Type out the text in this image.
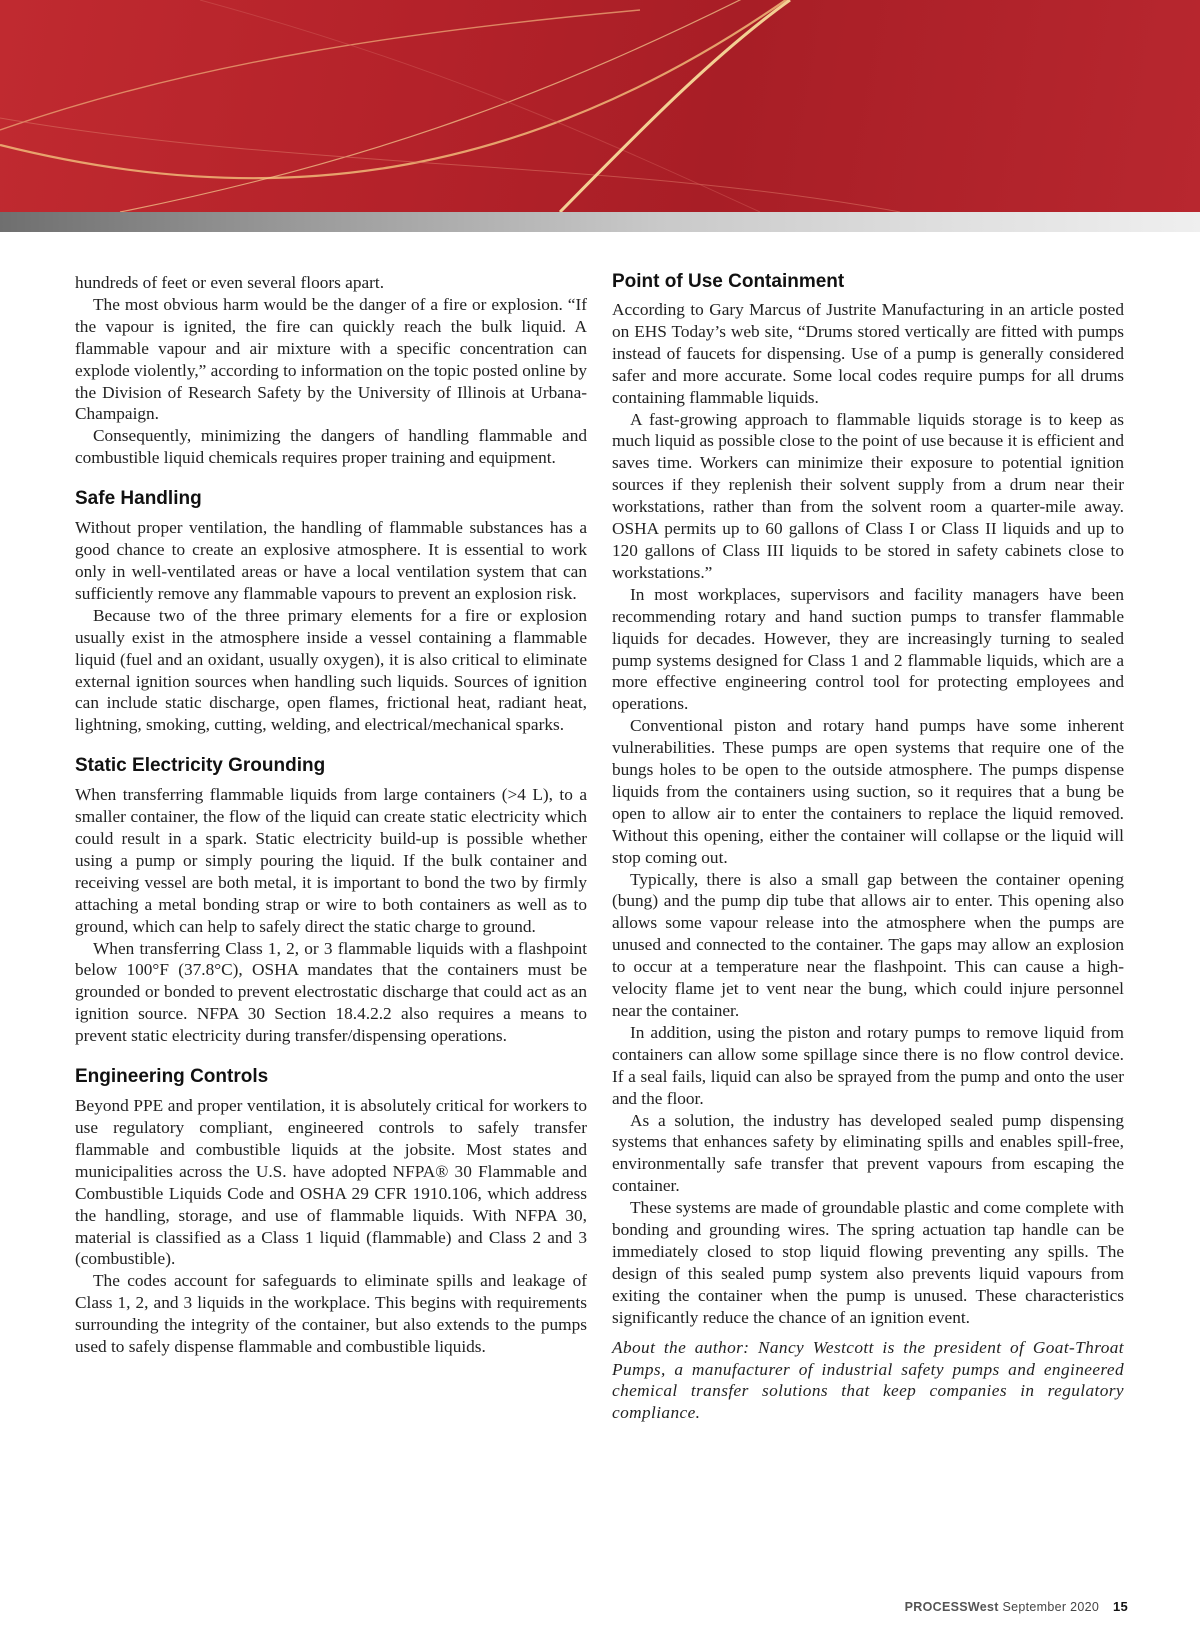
hundreds of feet or even several floors apart.

The most obvious harm would be the danger of a fire or explosion. “If the vapour is ignited, the fire can quickly reach the bulk liquid. A flammable vapour and air mixture with a specific concentration can explode violently,” according to information on the topic posted online by the Division of Research Safety by the University of Illinois at Urbana-Champaign.

Consequently, minimizing the dangers of handling flammable and combustible liquid chemicals requires proper training and equipment.

Safe Handling

Without proper ventilation, the handling of flammable substances has a good chance to create an explosive atmosphere. It is essential to work only in well-ventilated areas or have a local ventilation system that can sufficiently remove any flammable vapours to prevent an explosion risk.

Because two of the three primary elements for a fire or explosion usually exist in the atmosphere inside a vessel containing a flammable liquid (fuel and an oxidant, usually oxygen), it is also critical to eliminate external ignition sources when handling such liquids. Sources of ignition can include static discharge, open flames, frictional heat, radiant heat, lightning, smoking, cutting, welding, and electrical/mechanical sparks.

Static Electricity Grounding

When transferring flammable liquids from large containers (>4 L), to a smaller container, the flow of the liquid can create static electricity which could result in a spark. Static electricity build-up is possible whether using a pump or simply pouring the liquid. If the bulk container and receiving vessel are both metal, it is important to bond the two by firmly attaching a metal bonding strap or wire to both containers as well as to ground, which can help to safely direct the static charge to ground.

When transferring Class 1, 2, or 3 flammable liquids with a flashpoint below 100°F (37.8°C), OSHA mandates that the containers must be grounded or bonded to prevent electrostatic discharge that could act as an ignition source. NFPA 30 Section 18.4.2.2 also requires a means to prevent static electricity during transfer/dispensing operations.

Engineering Controls

Beyond PPE and proper ventilation, it is absolutely critical for workers to use regulatory compliant, engineered controls to safely transfer flammable and combustible liquids at the jobsite. Most states and municipalities across the U.S. have adopted NFPA® 30 Flammable and Combustible Liquids Code and OSHA 29 CFR 1910.106, which address the handling, storage, and use of flammable liquids. With NFPA 30, material is classified as a Class 1 liquid (flammable) and Class 2 and 3 (combustible).

The codes account for safeguards to eliminate spills and leakage of Class 1, 2, and 3 liquids in the workplace. This begins with requirements surrounding the integrity of the container, but also extends to the pumps used to safely dispense flammable and combustible liquids.

Point of Use Containment

According to Gary Marcus of Justrite Manufacturing in an article posted on EHS Today’s web site, “Drums stored vertically are fitted with pumps instead of faucets for dispensing. Use of a pump is generally considered safer and more accurate. Some local codes require pumps for all drums containing flammable liquids.

A fast-growing approach to flammable liquids storage is to keep as much liquid as possible close to the point of use because it is efficient and saves time. Workers can minimize their exposure to potential ignition sources if they replenish their solvent supply from a drum near their workstations, rather than from the solvent room a quarter-mile away. OSHA permits up to 60 gallons of Class I or Class II liquids and up to 120 gallons of Class III liquids to be stored in safety cabinets close to workstations.”

In most workplaces, supervisors and facility managers have been recommending rotary and hand suction pumps to transfer flammable liquids for decades. However, they are increasingly turning to sealed pump systems designed for Class 1 and 2 flammable liquids, which are a more effective engineering control tool for protecting employees and operations.

Conventional piston and rotary hand pumps have some inherent vulnerabilities. These pumps are open systems that require one of the bungs holes to be open to the outside atmosphere. The pumps dispense liquids from the containers using suction, so it requires that a bung be open to allow air to enter the containers to replace the liquid removed. Without this opening, either the container will collapse or the liquid will stop coming out.

Typically, there is also a small gap between the container opening (bung) and the pump dip tube that allows air to enter. This opening also allows some vapour release into the atmosphere when the pumps are unused and connected to the container. The gaps may allow an explosion to occur at a temperature near the flashpoint. This can cause a high-velocity flame jet to vent near the bung, which could injure personnel near the container.

In addition, using the piston and rotary pumps to remove liquid from containers can allow some spillage since there is no flow control device. If a seal fails, liquid can also be sprayed from the pump and onto the user and the floor.

As a solution, the industry has developed sealed pump dispensing systems that enhances safety by eliminating spills and enables spill-free, environmentally safe transfer that prevent vapours from escaping the container.

These systems are made of groundable plastic and come complete with bonding and grounding wires. The spring actuation tap handle can be immediately closed to stop liquid flowing preventing any spills. The design of this sealed pump system also prevents liquid vapours from exiting the container when the pump is unused. These characteristics significantly reduce the chance of an ignition event.

About the author: Nancy Westcott is the president of Goat-Throat Pumps, a manufacturer of industrial safety pumps and engineered chemical transfer solutions that keep companies in regulatory compliance.

PROCESSWest September 2020 15
